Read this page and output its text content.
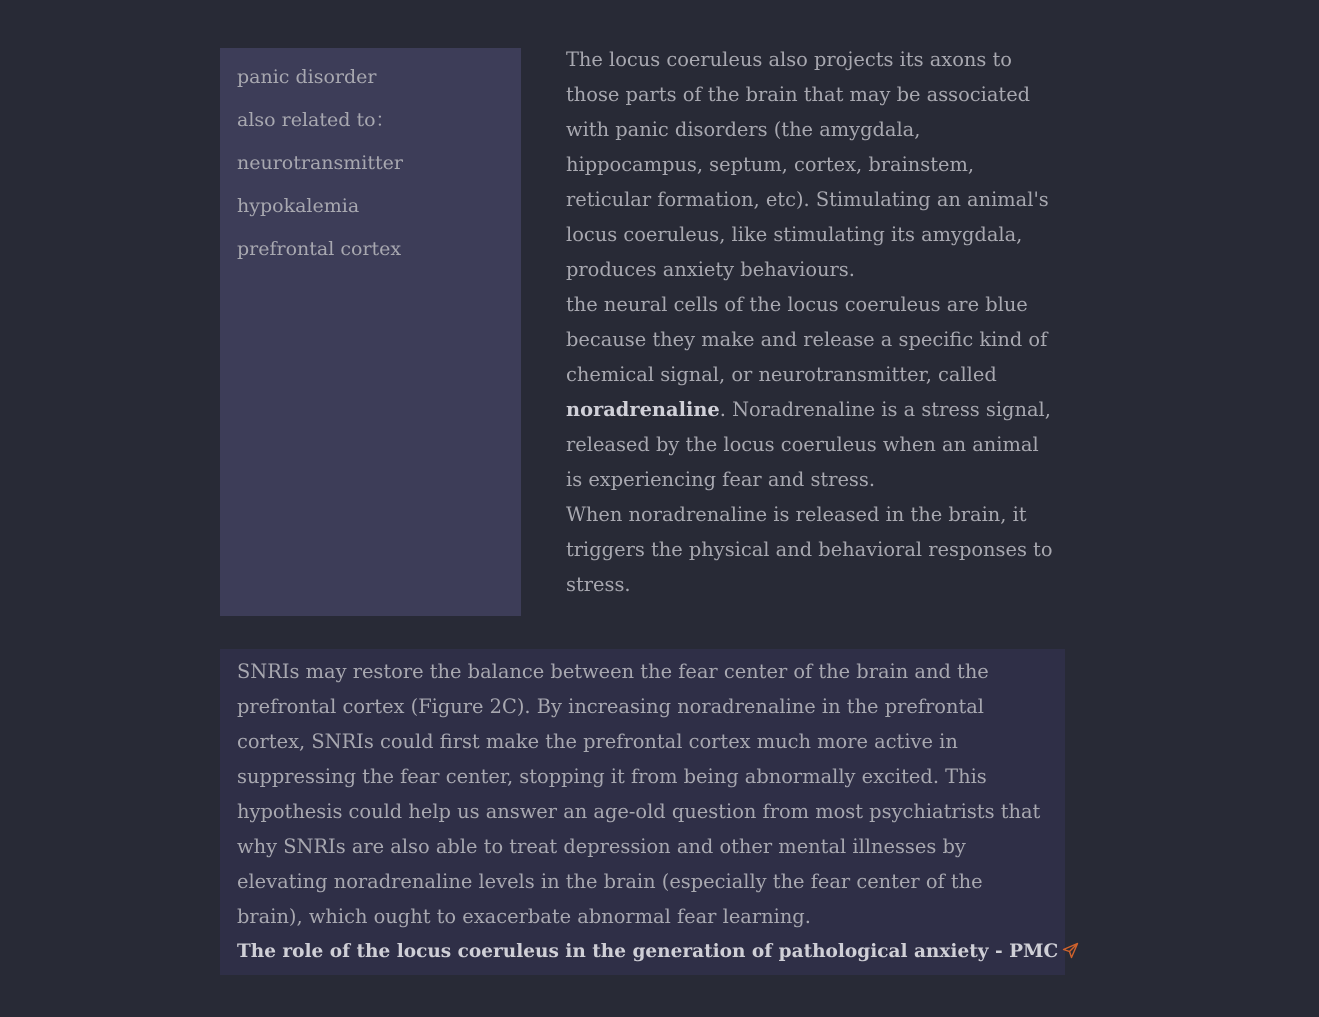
panic disorder
also related to：
neurotransmitter
hypokalemia
prefrontal cortex

The locus coeruleus also projects its axons to those parts of the brain that may be associated with panic disorders (the amygdala, hippocampus, septum, cortex, brainstem, reticular formation, etc). Stimulating an animal's locus coeruleus, like stimulating its amygdala, produces anxiety behaviours.

the neural cells of the locus coeruleus are blue because they make and release a specific kind of chemical signal, or neurotransmitter, called noradrenaline. Noradrenaline is a stress signal, released by the locus coeruleus when an animal is experiencing fear and stress.

When noradrenaline is released in the brain, it triggers the physical and behavioral responses to stress.

SNRIs may restore the balance between the fear center of the brain and the prefrontal cortex (Figure 2C). By increasing noradrenaline in the prefrontal cortex, SNRIs could first make the prefrontal cortex much more active in suppressing the fear center, stopping it from being abnormally excited. This hypothesis could help us answer an age-old question from most psychiatrists that why SNRIs are also able to treat depression and other mental illnesses by elevating noradrenaline levels in the brain (especially the fear center of the brain), which ought to exacerbate abnormal fear learning.

The role of the locus coeruleus in the generation of pathological anxiety - PMC
